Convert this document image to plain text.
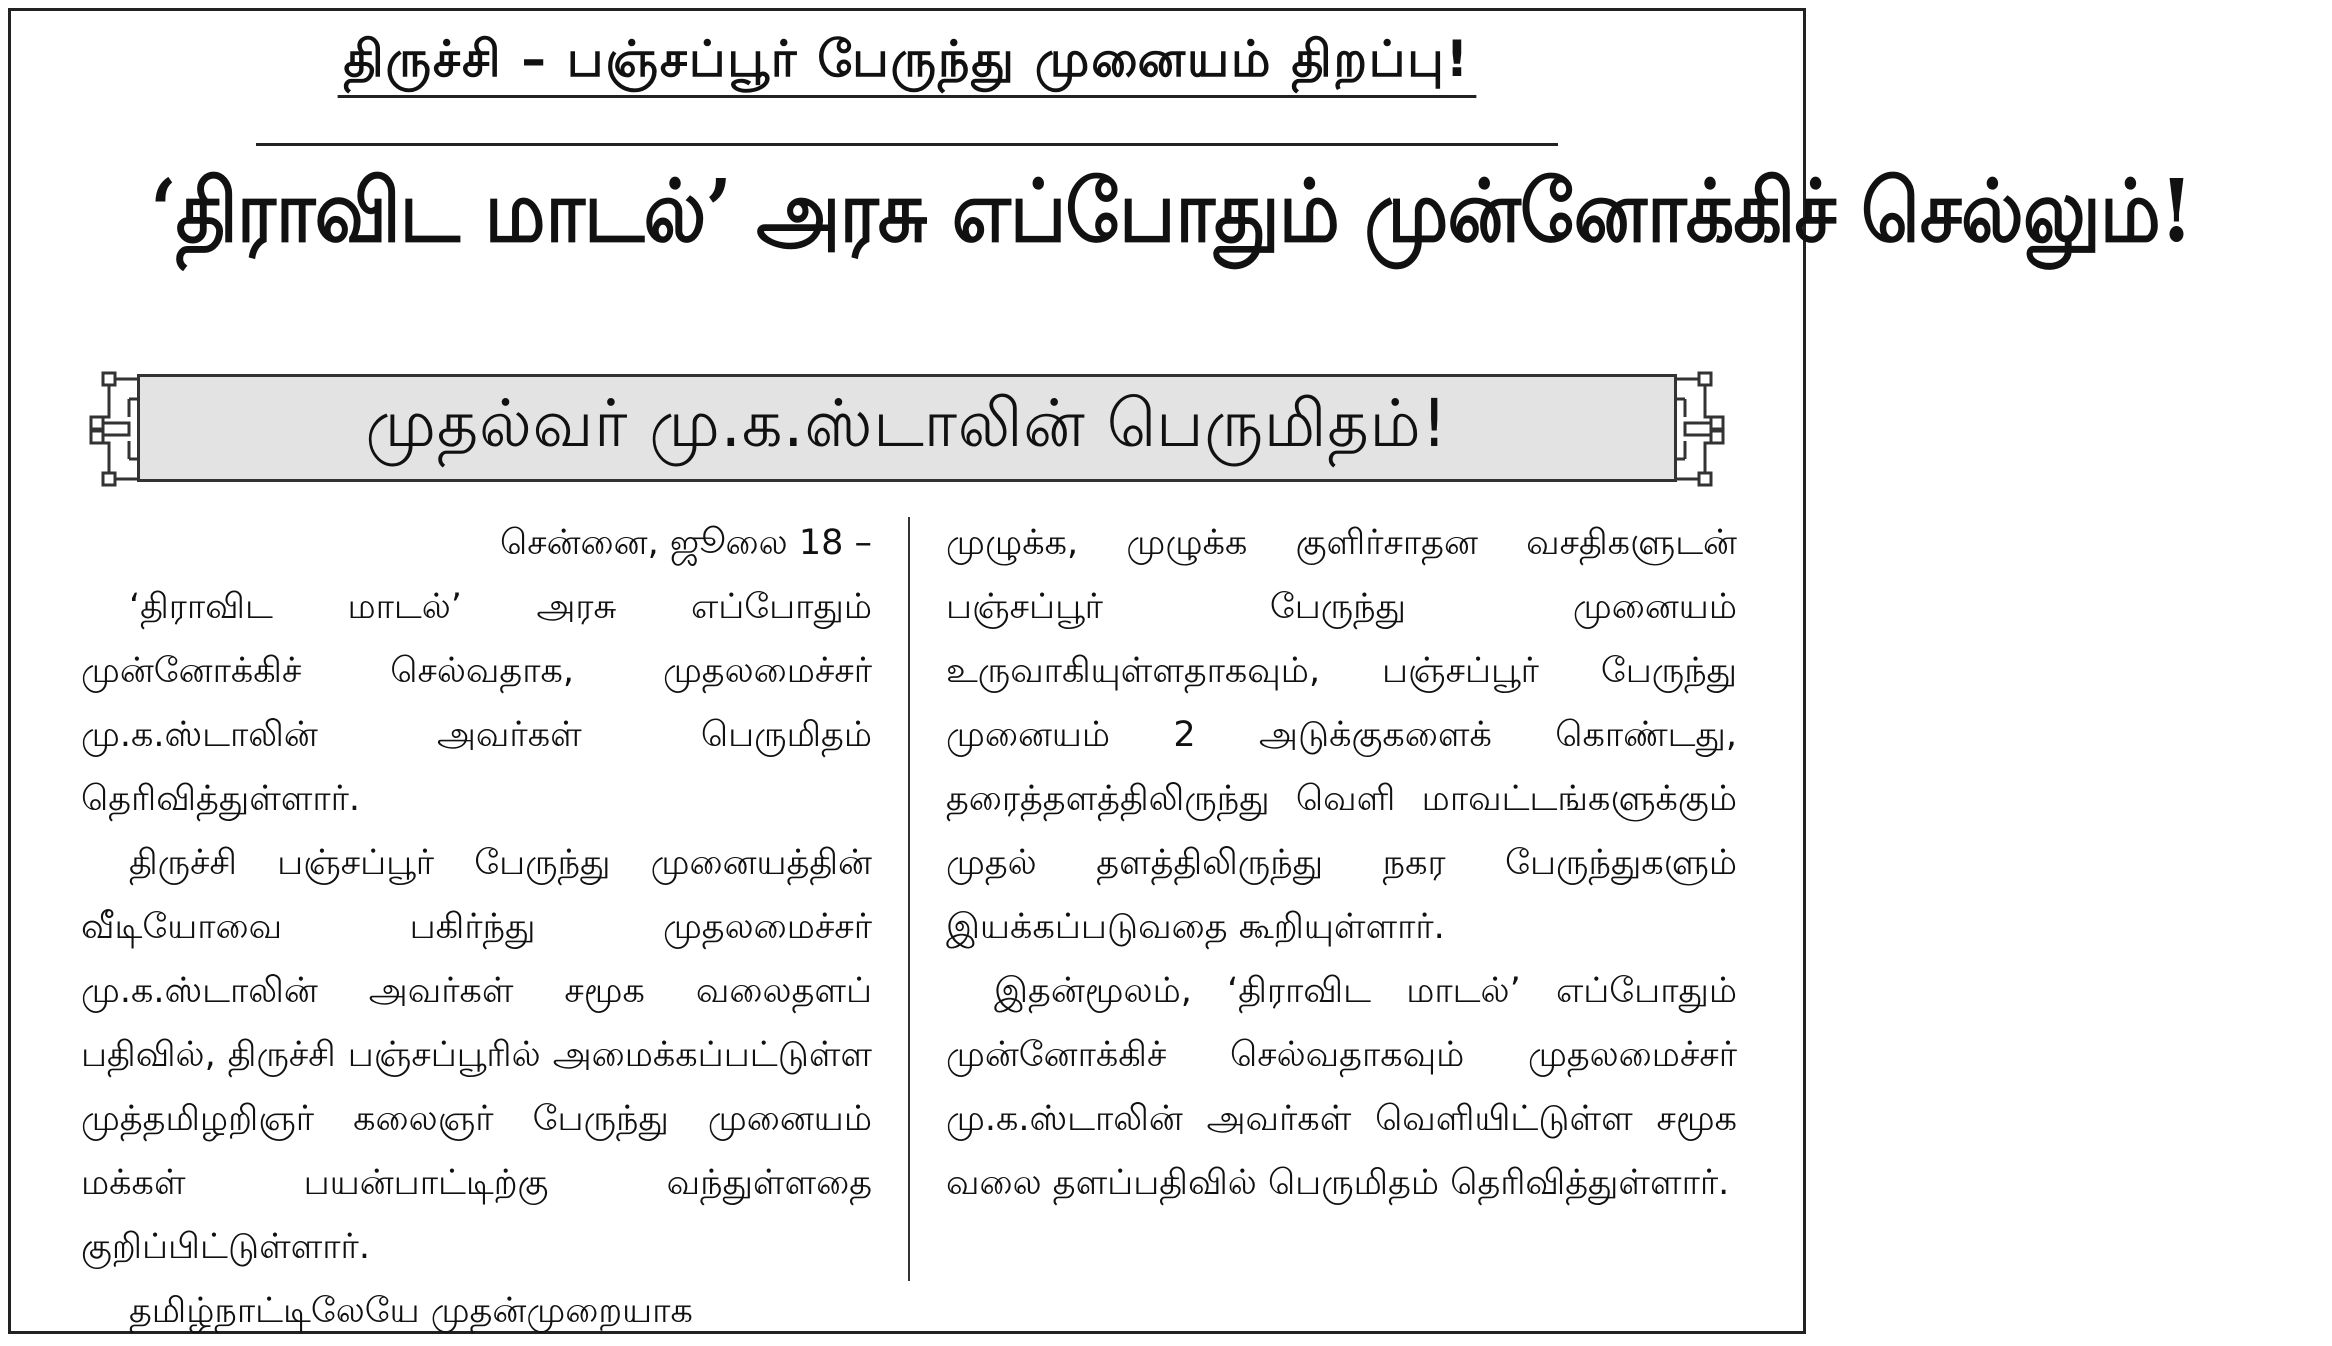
திருச்சி – பஞ்சப்பூர் பேருந்து முனையம் திறப்பு!
‘திராவிட மாடல்’ அரசு எப்போதும் முன்னோக்கிச் செல்லும்!
முதல்வர் மு.க.ஸ்டாலின் பெருமிதம்!
சென்னை, ஜூலை 18 –

‘திராவிட மாடல்’ அரசு எப்போதும் முன்னோக்கிச் செல்வதாக, முதலமைச்சர் மு.க.ஸ்டாலின் அவர்கள் பெருமிதம் தெரிவித்துள்ளார்.

திருச்சி பஞ்சப்பூர் பேருந்து முனையத்தின் வீடியோவை பகிர்ந்து முதலமைச்சர் மு.க.ஸ்டாலின் அவர்கள் சமூக வலைதளப் பதிவில், திருச்சி பஞ்சப்பூரில் அமைக்கப்பட்டுள்ள முத்தமிழறிஞர் கலைஞர் பேருந்து முனையம் மக்கள் பயன்பாட்டிற்கு வந்துள்ளதை குறிப்பிட்டுள்ளார்.

தமிழ்நாட்டிலேயே முதன்முறையாக

முழுக்க, முழுக்க குளிர்சாதன வசதிகளுடன் பஞ்சப்பூர் பேருந்து முனையம் உருவாகியுள்ளதாகவும், பஞ்சப்பூர் பேருந்து முனையம் 2 அடுக்குகளைக் கொண்டது, தரைத்தளத்திலிருந்து வெளி மாவட்டங்களுக்கும் முதல் தளத்திலிருந்து நகர பேருந்துகளும் இயக்கப்படுவதை கூறியுள்ளார்.

இதன்மூலம், ‘திராவிட மாடல்’ எப்போதும் முன்னோக்கிச் செல்வதாகவும் முதலமைச்சர் மு.க.ஸ்டாலின் அவர்கள் வெளியிட்டுள்ள சமூக வலை தளப்பதிவில் பெருமிதம் தெரிவித்துள்ளார்.
